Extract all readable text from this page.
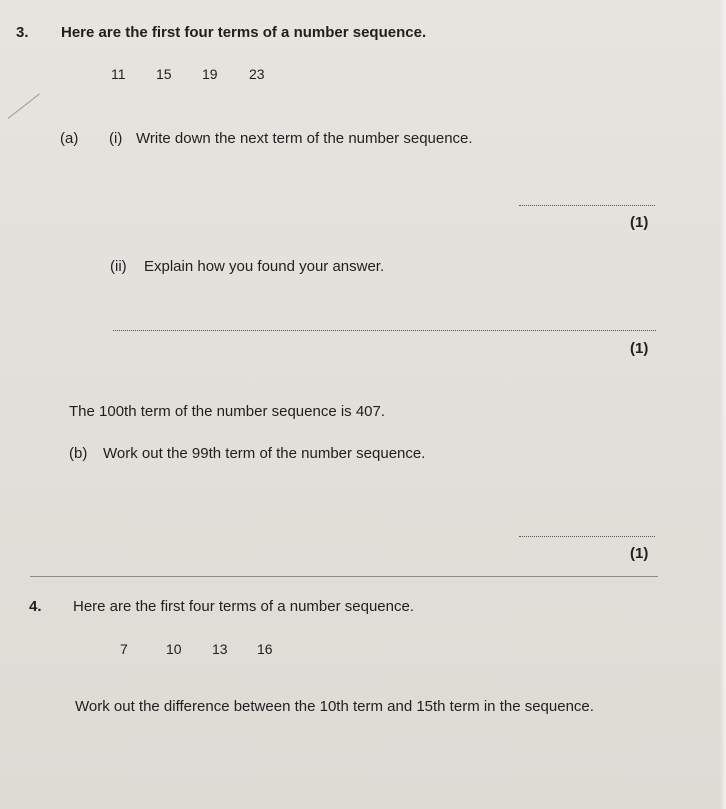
3. Here are the first four terms of a number sequence.
11 15 19 23
(a) (i) Write down the next term of the number sequence.
(1)
(ii) Explain how you found your answer.
(1)
The 100th term of the number sequence is 407.
(b) Work out the 99th term of the number sequence.
(1)
4. Here are the first four terms of a number sequence.
7	10 13 16
Work out the difference between the 10th term and 15th term in the sequence.
